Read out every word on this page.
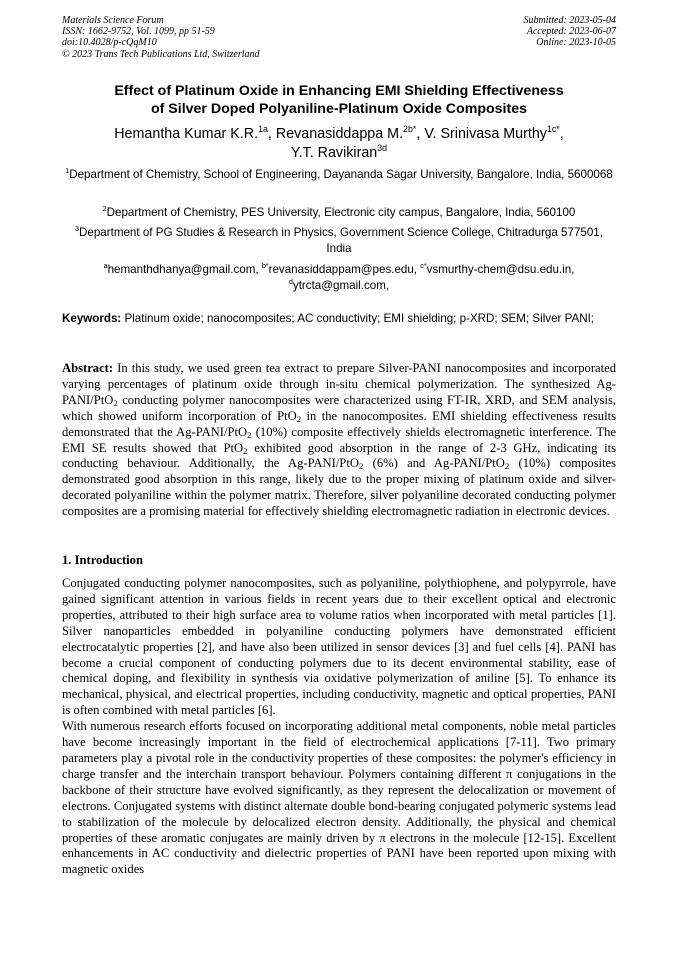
Materials Science Forum
ISSN: 1662-9752, Vol. 1099, pp 51-59
doi:10.4028/p-cQqM10
© 2023 Trans Tech Publications Ltd, Switzerland
Submitted: 2023-05-04
Accepted: 2023-06-07
Online: 2023-10-05
Effect of Platinum Oxide in Enhancing EMI Shielding Effectiveness
of Silver Doped Polyaniline-Platinum Oxide Composites
Hemantha Kumar K.R.$^{1a}$, Revanasiddappa M.$^{2b*}$, V. Srinivasa Murthy$^{1c*}$,
Y.T. Ravikiran$^{3d}$
$^1$Department of Chemistry, School of Engineering, Dayananda Sagar University, Bangalore, India, 5600068
$^2$Department of Chemistry, PES University, Electronic city campus, Bangalore, India, 560100
$^3$Department of PG Studies & Research in Physics, Government Science College, Chitradurga 577501, India
$^a$hemanthdhanya@gmail.com, $^{b*}$revanasiddappam@pes.edu, $^{c*}$vsmurthy-chem@dsu.edu.in,
$^d$ytrcta@gmail.com,
Keywords: Platinum oxide; nanocomposites; AC conductivity; EMI shielding; p-XRD; SEM; Silver PANI;
Abstract: In this study, we used green tea extract to prepare Silver-PANI nanocomposites and incorporated varying percentages of platinum oxide through in-situ chemical polymerization. The synthesized Ag-PANI/PtO$_2$ conducting polymer nanocomposites were characterized using FT-IR, XRD, and SEM analysis, which showed uniform incorporation of PtO$_2$ in the nanocomposites. EMI shielding effectiveness results demonstrated that the Ag-PANI/PtO$_2$ (10%) composite effectively shields electromagnetic interference. The EMI SE results showed that PtO$_2$ exhibited good absorption in the range of 2-3 GHz, indicating its conducting behaviour. Additionally, the Ag-PANI/PtO$_2$ (6%) and Ag-PANI/PtO$_2$ (10%) composites demonstrated good absorption in this range, likely due to the proper mixing of platinum oxide and silver-decorated polyaniline within the polymer matrix. Therefore, silver polyaniline decorated conducting polymer composites are a promising material for effectively shielding electromagnetic radiation in electronic devices.
1. Introduction
Conjugated conducting polymer nanocomposites, such as polyaniline, polythiophene, and polypyrrole, have gained significant attention in various fields in recent years due to their excellent optical and electronic properties, attributed to their high surface area to volume ratios when incorporated with metal particles [1]. Silver nanoparticles embedded in polyaniline conducting polymers have demonstrated efficient electrocatalytic properties [2], and have also been utilized in sensor devices [3] and fuel cells [4]. PANI has become a crucial component of conducting polymers due to its decent environmental stability, ease of chemical doping, and flexibility in synthesis via oxidative polymerization of aniline [5]. To enhance its mechanical, physical, and electrical properties, including conductivity, magnetic and optical properties, PANI is often combined with metal particles [6].
With numerous research efforts focused on incorporating additional metal components, noble metal particles have become increasingly important in the field of electrochemical applications [7-11]. Two primary parameters play a pivotal role in the conductivity properties of these composites: the polymer's efficiency in charge transfer and the interchain transport behaviour. Polymers containing different π conjugations in the backbone of their structure have evolved significantly, as they represent the delocalization or movement of electrons. Conjugated systems with distinct alternate double bond-bearing conjugated polymeric systems lead to stabilization of the molecule by delocalized electron density. Additionally, the physical and chemical properties of these aromatic conjugates are mainly driven by π electrons in the molecule [12-15]. Excellent enhancements in AC conductivity and dielectric properties of PANI have been reported upon mixing with magnetic oxides
